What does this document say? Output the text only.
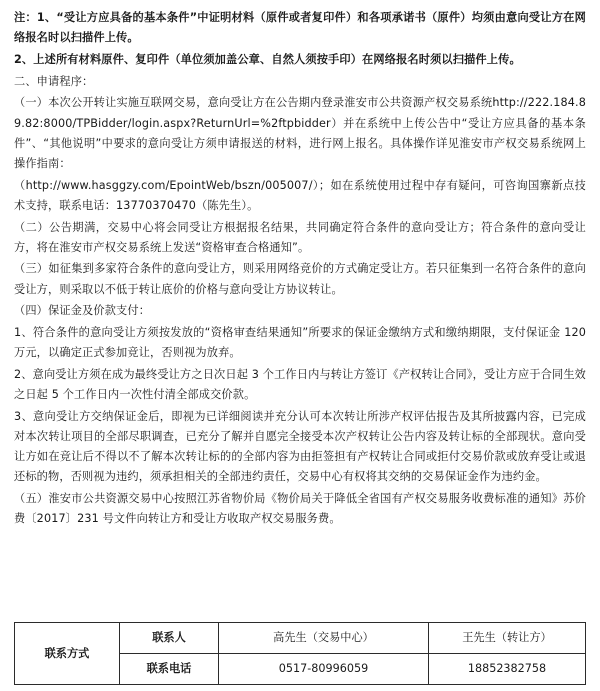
注：1、“受让方应具备的基本条件”中证明材料（原件或者复印件）和各项承诺书（原件）均须由意向受让方在网络报名时以扫描件上传。

2、上述所有材料原件、复印件（单位须加盖公章、自然人须按手印）在网络报名时须以扫描件上传。

二、申请程序：

（一）本次公开转让实施互联网交易，意向受让方在公告期内登录淮安市公共资源产权交易系统http://222.184.89.82:8000/TPBidder/login.aspx?ReturnUrl=%2ftpbidder）并在系统中上传公告中“受让方应具备的基本条件”、“其他说明”中要求的意向受让方须申请报送的材料，进行网上报名。具体操作详见淮安市产权交易系统网上操作指南：

（http://www.hasggzy.com/EpointWeb/bszn/005007/）；如在系统使用过程中存有疑问，可咨询国寨新点技术支持，联系电话：13770370470（陈先生）。

（二）公告期满，交易中心将会同受让方根据报名结果，共同确定符合条件的意向受让方；符合条件的意向受让方，将在淮安市产权交易系统上发送“资格审查合格通知”。

（三）如征集到多家符合条件的意向受让方，则采用网络竞价的方式确定受让方。若只征集到一名符合条件的意向受让方，则采取以不低于转让底价的价格与意向受让方协议转让。

（四）保证金及价款支付：

1、符合条件的意向受让方须按发放的“资格审查结果通知”所要求的保证金缴纳方式和缴纳期限，支付保证金 120 万元，以确定正式参加竞让，否则视为放弃。

2、意向受让方须在成为最终受让方之日次日起 3 个工作日内与转让方签订《产权转让合同》，受让方应于合同生效之日起 5 个工作日内一次性付清全部成交价款。

3、意向受让方交纳保证金后，即视为已详细阅读并充分认可本次转让所涉产权评估报告及其所披露内容，已完成对本次转让项目的全部尽职调查，已充分了解并自愿完全接受本次产权转让公告内容及转让标的全部现状。意向受让方如在竞让后不得以不了解本次转让标的的全部内容为由拒签担有产权转让合同或拒付交易价款或放弃受让或退还标的物，否则视为违约，须承担相关的全部违约责任，交易中心有权将其交纳的交易保证金作为违约金。

（五）淮安市公共资源交易中心按照江苏省物价局《物价局关于降低全省国有产权交易服务收费标准的通知》苏价费〔2017〕231 号文件向转让方和受让方收取产权交易服务费。

联系方式	联系人	高先生（交易中心）	王先生（转让方）
	联系电话	0517-80996059	18852382758
